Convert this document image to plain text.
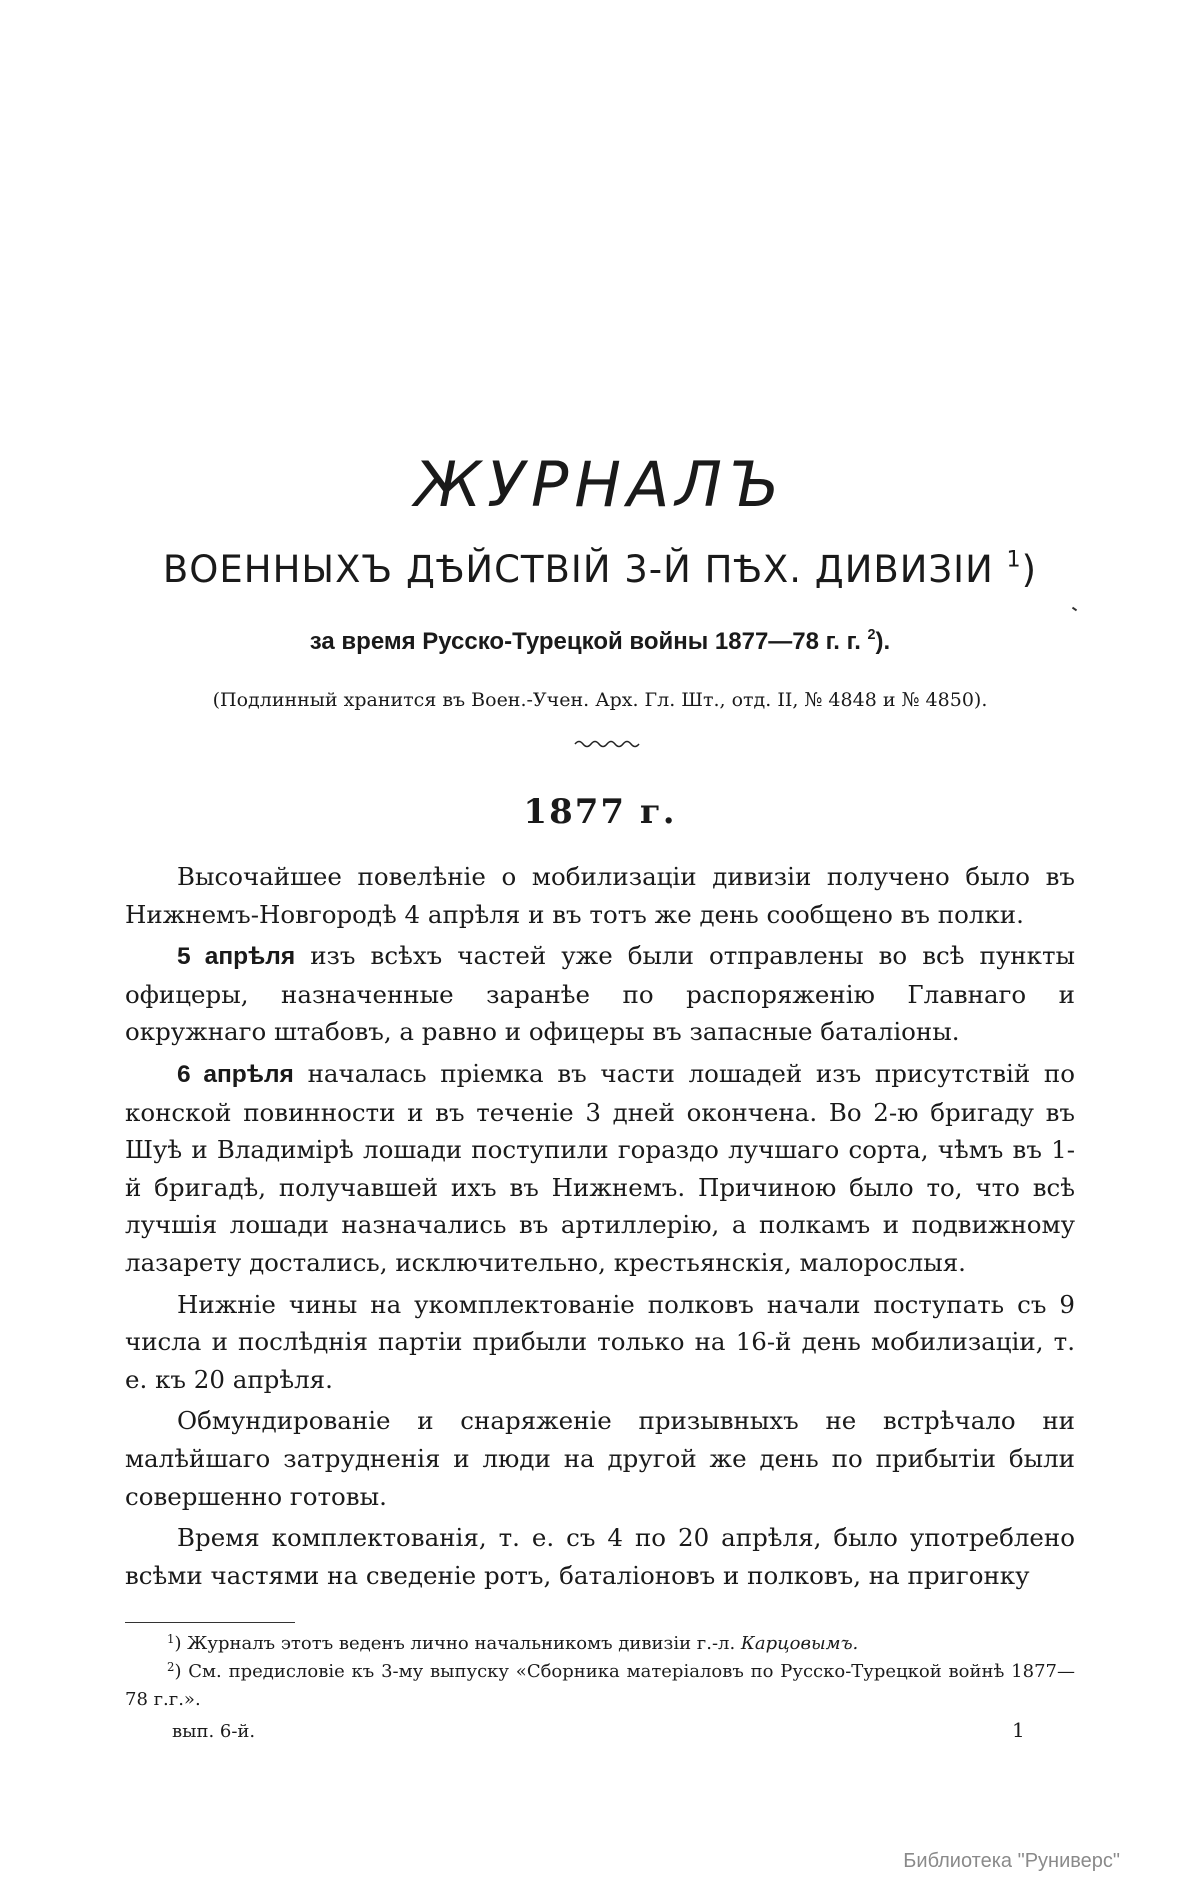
ЖУРНАЛЪ
ВОЕННЫХЪ ДѢЙСТВІЙ 3-Й ПѢХ. ДИВИЗІИ $^1$)
за время Русско-Турецкой войны 1877—78 г. г. $^2$).
(Подлинный хранится въ Воен.-Учен. Арх. Гл. Шт., отд. II, № 4848 и № 4850).
1877 г.

Высочайшее повелѣніе о мобилизаціи дивизіи получено было въ Нижнемъ-Новгородѣ 4 апрѣля и въ тотъ же день сообщено въ полки.

5 апрѣля изъ всѣхъ частей уже были отправлены во всѣ пункты офицеры, назначенные заранѣе по распоряженію Главнаго и окружнаго штабовъ, а равно и офицеры въ запасные баталіоны.

6 апрѣля началась пріемка въ части лошадей изъ присутствій по конской повинности и въ теченіе 3 дней окончена. Во 2-ю бригаду въ Шуѣ и Владимірѣ лошади поступили гораздо лучшаго сорта, чѣмъ въ 1-й бригадѣ, получавшей ихъ въ Нижнемъ. Причиною было то, что всѣ лучшія лошади назначались въ артиллерію, а полкамъ и подвижному лазарету достались, исключительно, крестьянскія, малорослыя.

Нижніе чины на укомплектованіе полковъ начали поступать съ 9 числа и послѣднія партіи прибыли только на 16-й день мобилизаціи, т. е. къ 20 апрѣля.

Обмундированіе и снаряженіе призывныхъ не встрѣчало ни малѣйшаго затрудненія и люди на другой же день по прибытіи были совершенно готовы.

Время комплектованія, т. е. съ 4 по 20 апрѣля, было употреблено всѣми частями на сведеніе ротъ, баталіоновъ и полковъ, на пригонку

$^1$) Журналъ этотъ веденъ лично начальникомъ дивизіи г.-л. Карцовымъ.

$^2$) См. предисловіе къ 3-му выпуску «Сборника матеріаловъ по Русско-Турецкой войнѣ 1877—78 г.г.».

вып. 6-й.	1
Библиотека "Руниверс"
